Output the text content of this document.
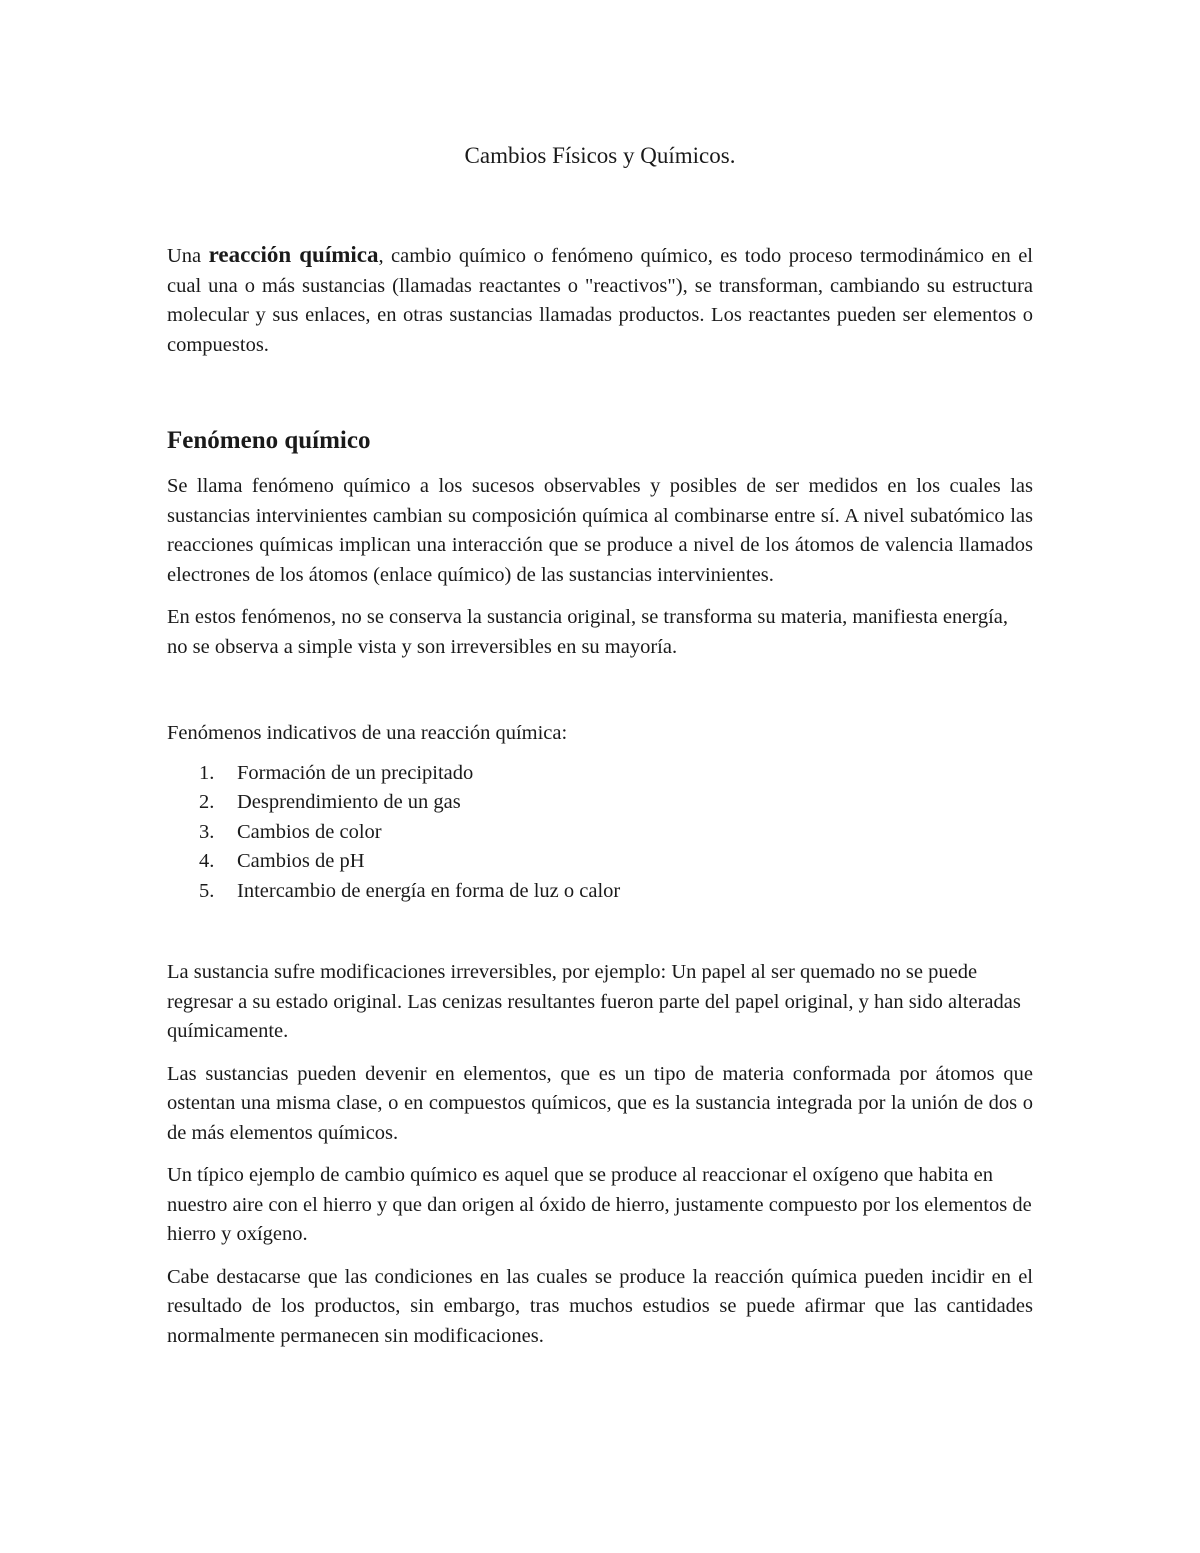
Cambios Físicos y Químicos.

Una reacción química, cambio químico o fenómeno químico, es todo proceso termodinámico en el cual una o más sustancias (llamadas reactantes o "reactivos"), se transforman, cambiando su estructura molecular y sus enlaces, en otras sustancias llamadas productos. Los reactantes pueden ser elementos o compuestos.

Fenómeno químico

Se llama fenómeno químico a los sucesos observables y posibles de ser medidos en los cuales las sustancias intervinientes cambian su composición química al combinarse entre sí. A nivel subatómico las reacciones químicas implican una interacción que se produce a nivel de los átomos de valencia llamados electrones de los átomos (enlace químico) de las sustancias intervinientes.

En estos fenómenos, no se conserva la sustancia original, se transforma su materia, manifiesta energía, no se observa a simple vista y son irreversibles en su mayoría.

Fenómenos indicativos de una reacción química:

1.	Formación de un precipitado
2.	Desprendimiento de un gas
3.	Cambios de color
4.	Cambios de pH
5.	Intercambio de energía en forma de luz o calor

La sustancia sufre modificaciones irreversibles, por ejemplo: Un papel al ser quemado no se puede regresar a su estado original. Las cenizas resultantes fueron parte del papel original, y han sido alteradas químicamente.

Las sustancias pueden devenir en elementos, que es un tipo de materia conformada por átomos que ostentan una misma clase, o en compuestos químicos, que es la sustancia integrada por la unión de dos o de más elementos químicos.

Un típico ejemplo de cambio químico es aquel que se produce al reaccionar el oxígeno que habita en nuestro aire con el hierro y que dan origen al óxido de hierro, justamente compuesto por los elementos de hierro y oxígeno.

Cabe destacarse que las condiciones en las cuales se produce la reacción química pueden incidir en el resultado de los productos, sin embargo, tras muchos estudios se puede afirmar que las cantidades normalmente permanecen sin modificaciones.
